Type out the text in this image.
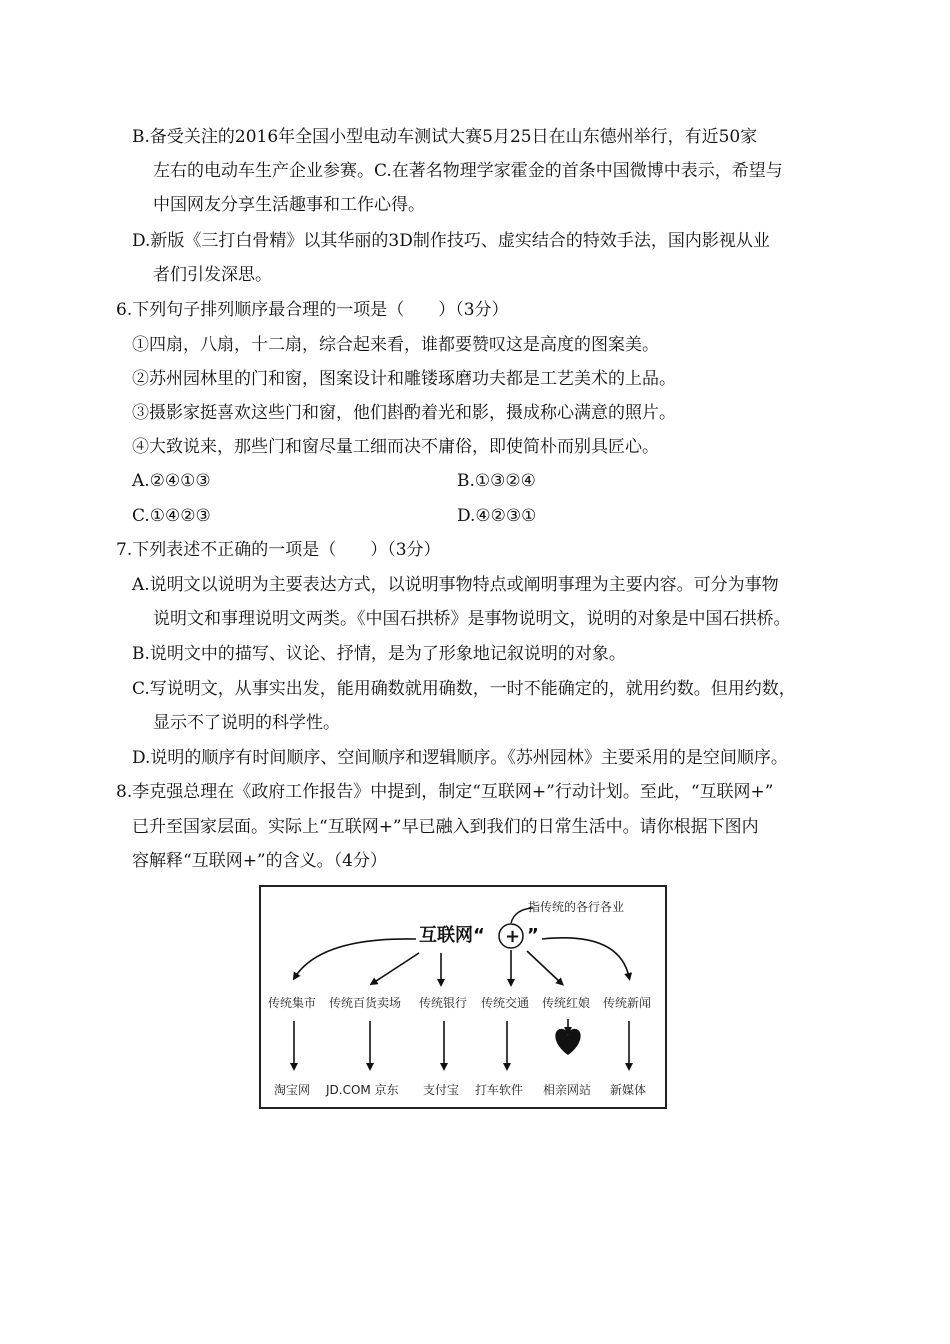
B.备受关注的2016年全国小型电动车测试大赛5月25日在山东德州举行，有近50家
左右的电动车生产企业参赛。C.在著名物理学家霍金的首条中国微博中表示，希望与
中国网友分享生活趣事和工作心得。
D.新版《三打白骨精》以其华丽的3D制作技巧、虚实结合的特效手法，国内影视从业
者们引发深思。
6.下列句子排列顺序最合理的一项是（　　）（3分）
①四扇，八扇，十二扇，综合起来看，谁都要赞叹这是高度的图案美。
②苏州园林里的门和窗，图案设计和雕镂琢磨功夫都是工艺美术的上品。
③摄影家挺喜欢这些门和窗，他们斟酌着光和影，摄成称心满意的照片。
④大致说来，那些门和窗尽量工细而决不庸俗，即使简朴而别具匠心。
A.②④①③	B.①③②④
C.①④②③	D.④②③①
7.下列表述不正确的一项是（　　）（3分）
A.说明文以说明为主要表达方式，以说明事物特点或阐明事理为主要内容。可分为事物
说明文和事理说明文两类。《中国石拱桥》是事物说明文，说明的对象是中国石拱桥。
B.说明文中的描写、议论、抒情，是为了形象地记叙说明的对象。
C.写说明文，从事实出发，能用确数就用确数，一时不能确定的，就用约数。但用约数，
显示不了说明的科学性。
D.说明的顺序有时间顺序、空间顺序和逻辑顺序。《苏州园林》主要采用的是空间顺序。
8.李克强总理在《政府工作报告》中提到，制定“互联网+”行动计划。至此，“互联网+”
已升至国家层面。实际上“互联网+”早已融入到我们的日常生活中。请你根据下图内
容解释“互联网+”的含义。（4分）
指传统的各行各业
互联网“ + ”
传统集市 传统百货卖场 传统银行 传统交通 传统红娘 传统新闻
淘宝网 JD.COM 京东 支付宝 打车软件 相亲网站 新媒体
